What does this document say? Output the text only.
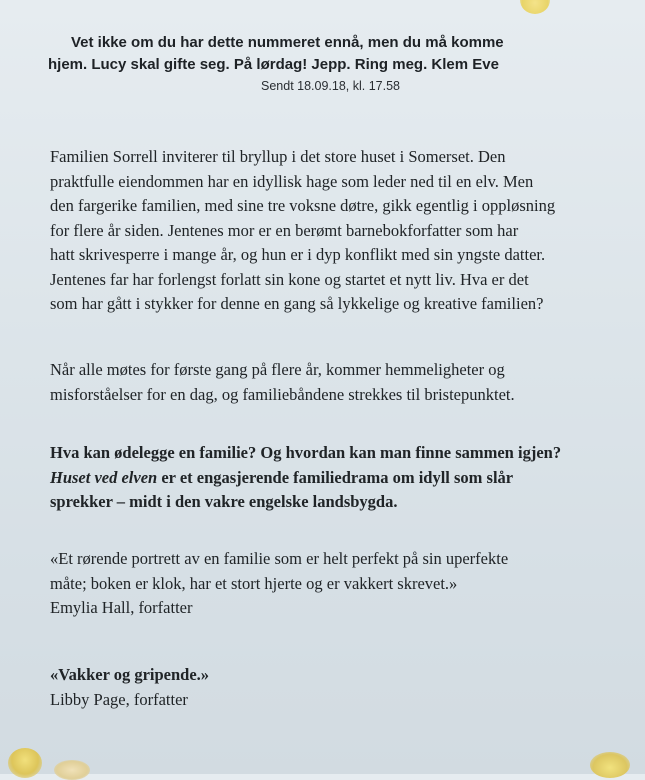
Vet ikke om du har dette nummeret ennå, men du må komme
hjem. Lucy skal gifte seg. På lørdag! Jepp. Ring meg. Klem Eve
Sendt 18.09.18, kl. 17.58
Familien Sorrell inviterer til bryllup i det store huset i Somerset. Den
praktfulle eiendommen har en idyllisk hage som leder ned til en elv. Men
den fargerike familien, med sine tre voksne døtre, gikk egentlig i oppløsning
for flere år siden. Jentenes mor er en berømt barnebokforfatter som har
hatt skrivesperre i mange år, og hun er i dyp konflikt med sin yngste datter.
Jentenes far har forlengst forlatt sin kone og startet et nytt liv. Hva er det
som har gått i stykker for denne en gang så lykkelige og kreative familien?
Når alle møtes for første gang på flere år, kommer hemmeligheter og
misforståelser for en dag, og familiebåndene strekkes til bristepunktet.
Hva kan ødelegge en familie? Og hvordan kan man finne sammen igjen?
Huset ved elven er et engasjerende familiedrama om idyll som slår
sprekker – midt i den vakre engelske landsbygda.
«Et rørende portrett av en familie som er helt perfekt på sin uperfekte
måte; boken er klok, har et stort hjerte og er vakkert skrevet.»
Emylia Hall, forfatter
«Vakker og gripende.»
Libby Page, forfatter
